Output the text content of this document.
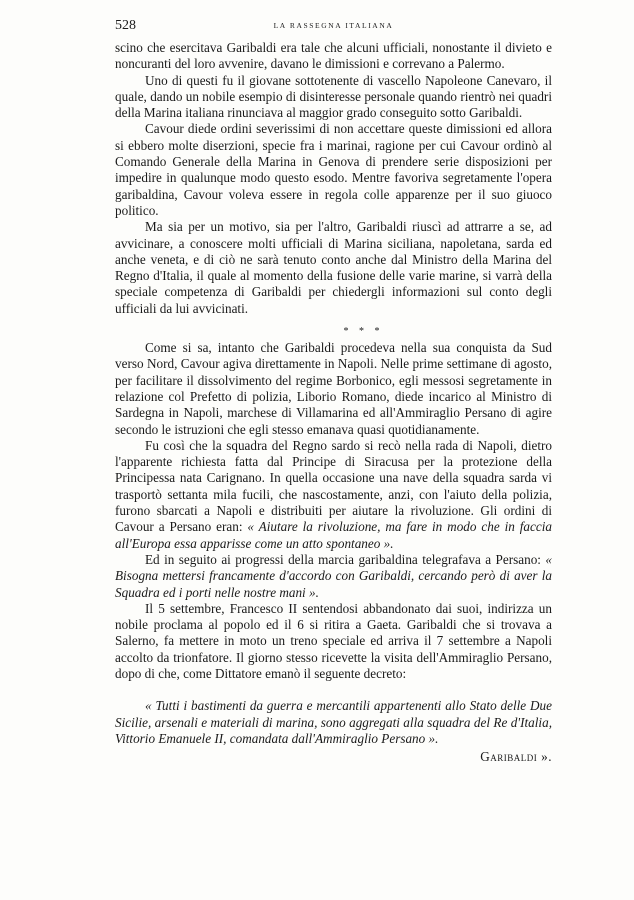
528	LA RASSEGNA ITALIANA

scino che esercitava Garibaldi era tale che alcuni ufficiali, nonostante il divieto e noncuranti del loro avvenire, davano le dimissioni e correvano a Palermo.

Uno di questi fu il giovane sottotenente di vascello Napoleone Canevaro, il quale, dando un nobile esempio di disinteresse personale quando rientrò nei quadri della Marina italiana rinunciava al maggior grado conseguito sotto Garibaldi.

Cavour diede ordini severissimi di non accettare queste dimissioni ed allora si ebbero molte diserzioni, specie fra i marinai, ragione per cui Cavour ordinò al Comando Generale della Marina in Genova di prendere serie disposizioni per impedire in qualunque modo questo esodo. Mentre favoriva segretamente l'opera garibaldina, Cavour voleva essere in regola colle apparenze per il suo giuoco politico.

Ma sia per un motivo, sia per l'altro, Garibaldi riuscì ad attrarre a se, ad avvicinare, a conoscere molti ufficiali di Marina siciliana, napoletana, sarda ed anche veneta, e di ciò ne sarà tenuto conto anche dal Ministro della Marina del Regno d'Italia, il quale al momento della fusione delle varie marine, si varrà della speciale competenza di Garibaldi per chiedergli informazioni sul conto degli ufficiali da lui avvicinati.

* * *

Come si sa, intanto che Garibaldi procedeva nella sua conquista da Sud verso Nord, Cavour agiva direttamente in Napoli. Nelle prime settimane di agosto, per facilitare il dissolvimento del regime Borbonico, egli messosi segretamente in relazione col Prefetto di polizia, Liborio Romano, diede incarico al Ministro di Sardegna in Napoli, marchese di Villamarina ed all'Ammiraglio Persano di agire secondo le istruzioni che egli stesso emanava quasi quotidianamente.

Fu così che la squadra del Regno sardo si recò nella rada di Napoli, dietro l'apparente richiesta fatta dal Principe di Siracusa per la protezione della Principessa nata Carignano. In quella occasione una nave della squadra sarda vi trasportò settanta mila fucili, che nascostamente, anzi, con l'aiuto della polizia, furono sbarcati a Napoli e distribuiti per aiutare la rivoluzione. Gli ordini di Cavour a Persano eran: « Aiutare la rivoluzione, ma fare in modo che in faccia all'Europa essa apparisse come un atto spontaneo ».

Ed in seguito ai progressi della marcia garibaldina telegrafava a Persano: « Bisogna mettersi francamente d'accordo con Garibaldi, cercando però di aver la Squadra ed i porti nelle nostre mani ».

Il 5 settembre, Francesco II sentendosi abbandonato dai suoi, indirizza un nobile proclama al popolo ed il 6 si ritira a Gaeta. Garibaldi che si trovava a Salerno, fa mettere in moto un treno speciale ed arriva il 7 settembre a Napoli accolto da trionfatore. Il giorno stesso ricevette la visita dell'Ammiraglio Persano, dopo di che, come Dittatore emanò il seguente decreto:

« Tutti i bastimenti da guerra e mercantili appartenenti allo Stato delle Due Sicilie, arsenali e materiali di marina, sono aggregati alla squadra del Re d'Italia, Vittorio Emanuele II, comandata dall'Ammiraglio Persano ».

Garibaldi ».
